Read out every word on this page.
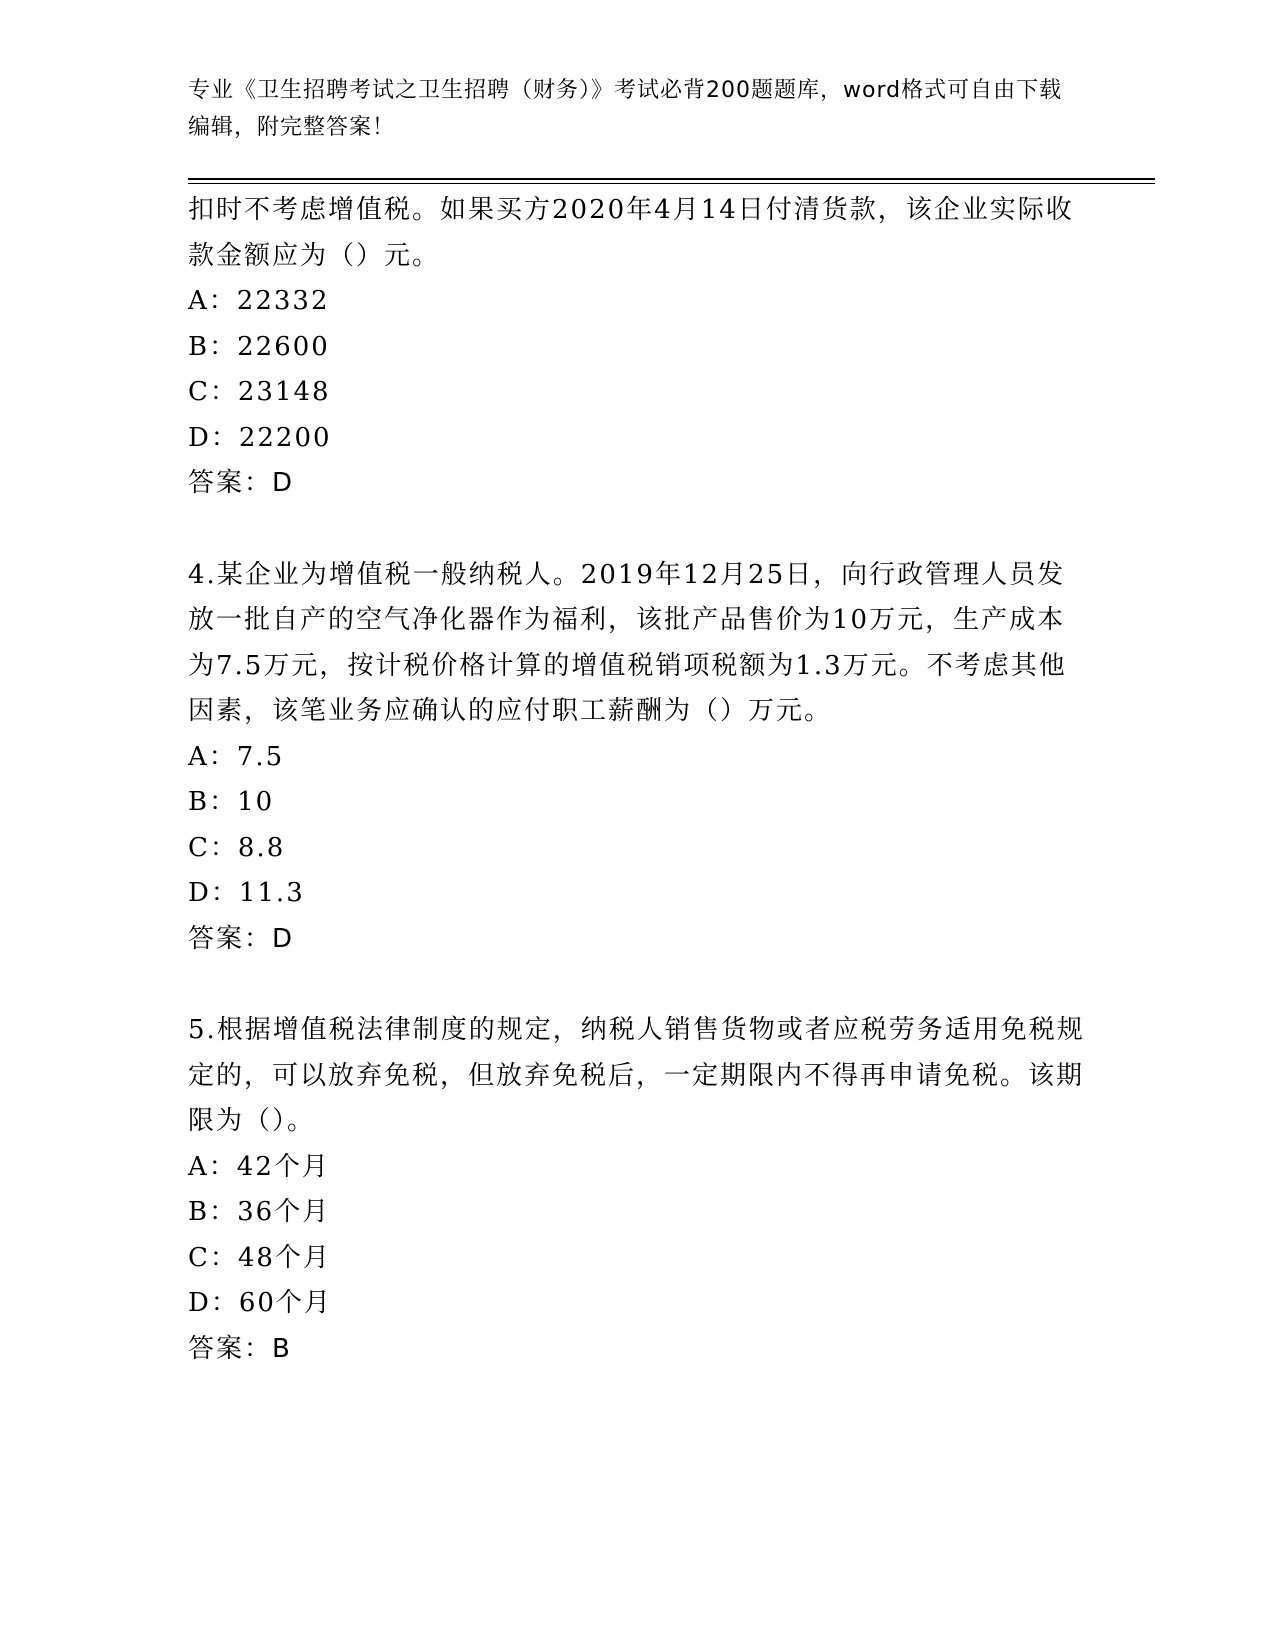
专业《卫生招聘考试之卫生招聘（财务）》考试必背200题题库，word格式可自由下载编辑，附完整答案！
扣时不考虑增值税。如果买方2020年4月14日付清货款，该企业实际收款金额应为（）元。
A：22332
B：22600
C：23148
D：22200
答案：D
4.某企业为增值税一般纳税人。2019年12月25日，向行政管理人员发放一批自产的空气净化器作为福利，该批产品售价为10万元，生产成本为7.5万元，按计税价格计算的增值税销项税额为1.3万元。不考虑其他因素，该笔业务应确认的应付职工薪酬为（）万元。
A：7.5
B：10
C：8.8
D：11.3
答案：D
5.根据增值税法律制度的规定，纳税人销售货物或者应税劳务适用免税规定的，可以放弃免税，但放弃免税后，一定期限内不得再申请免税。该期限为（）。
A：42个月
B：36个月
C：48个月
D：60个月
答案：B
